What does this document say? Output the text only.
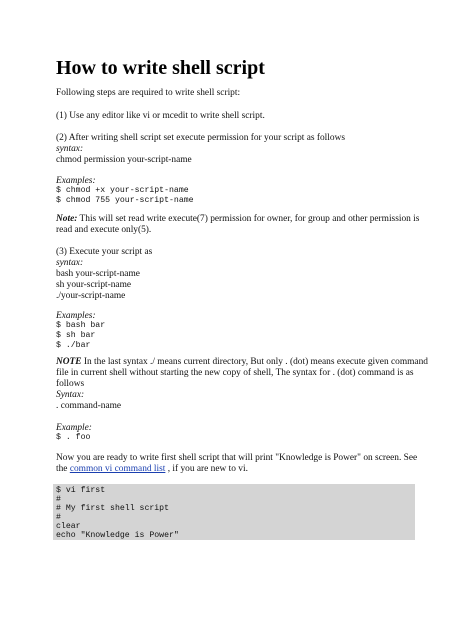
How to write shell script
Following steps are required to write shell script:
(1) Use any editor like vi or mcedit to write shell script.
(2) After writing shell script set execute permission for your script as follows
syntax:
chmod permission your-script-name
Examples:
$ chmod +x your-script-name
$ chmod 755 your-script-name
Note: This will set read write execute(7) permission for owner, for group and other permission is
read and execute only(5).
(3) Execute your script as
syntax:
bash your-script-name
sh your-script-name
./your-script-name
Examples:
$ bash bar
$ sh bar
$ ./bar
NOTE In the last syntax ./ means current directory, But only . (dot) means execute given command
file in current shell without starting the new copy of shell, The syntax for . (dot) command is as
follows
Syntax:
. command-name
Example:
$ . foo
Now you are ready to write first shell script that will print "Knowledge is Power" on screen. See
the common vi command list , if you are new to vi.
$ vi first
#
# My first shell script
#
clear
echo "Knowledge is Power"
